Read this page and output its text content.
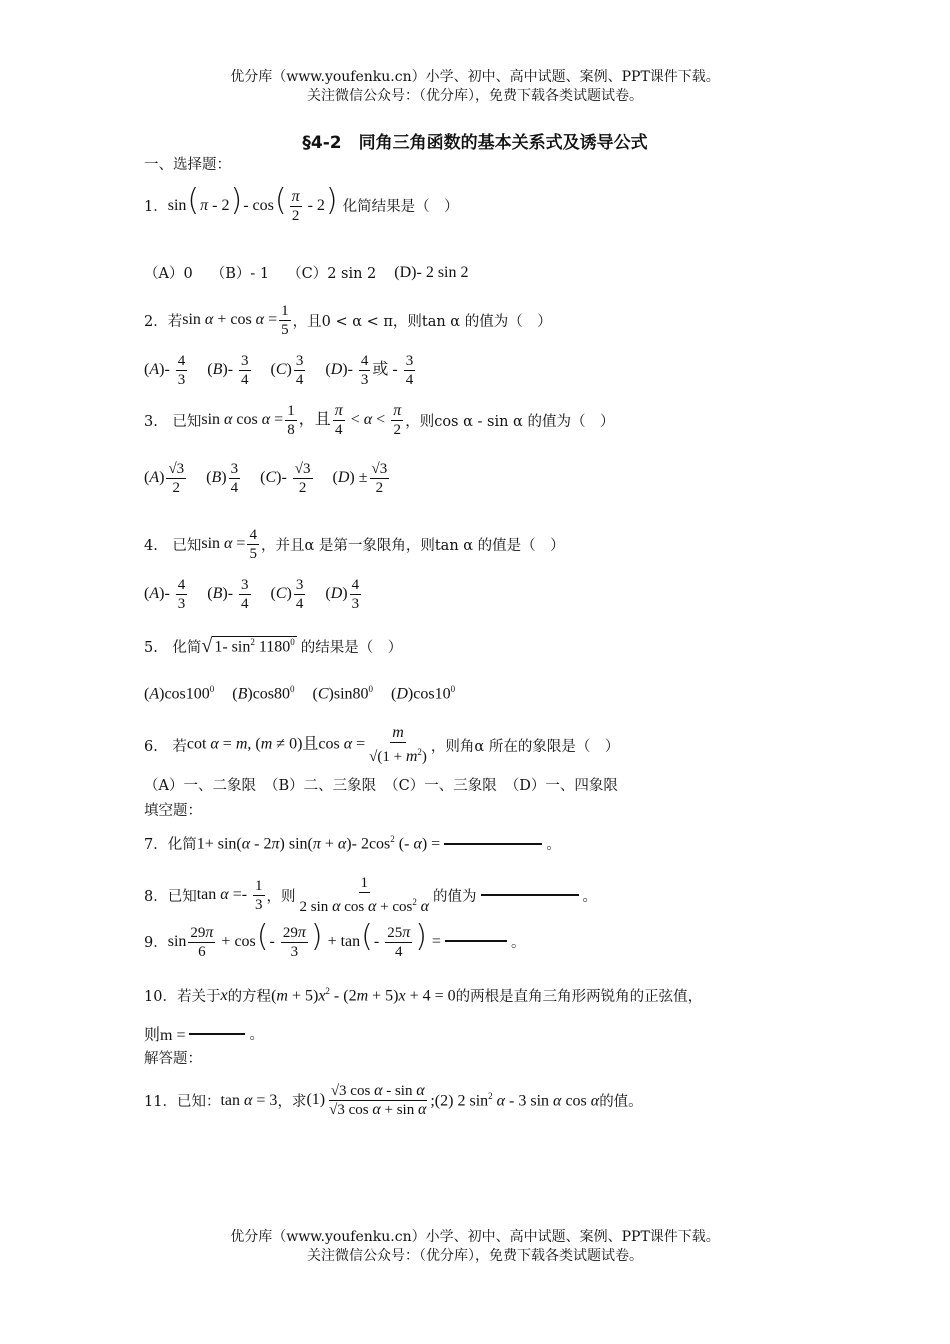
优分库（www.youfenku.cn）小学、初中、高中试题、案例、PPT课件下载。
关注微信公众号：（优分库），免费下载各类试题试卷。
§4-2　同角三角函数的基本关系式及诱导公式
一、选择题：
1． sin(π - 2)- $\cos( \frac{\pi}{2} - 2)$ 化简结果是（　）
（A）0 （B）- 1 （C）2 sin 2 (D)- 2 sin 2
2．若 $\sin \alpha + \cos \alpha = \frac{1}{5}$ ，且0 < α < π，则tan α 的值为（　）
$(A)- \frac{4}{3} (B)- \frac{3}{4} (C) \frac{3}{4} (D)- \frac{4}{3}$ 或 - $\frac{3}{4}$
3.　已知 sin α $\cos \alpha = \frac{1}{8}$ ，且 $\frac{\pi}{4} < \alpha < \frac{\pi}{2}$ ，则cos α - sin α 的值为（　）
$(A) \frac{√3}{2} (B) \frac{3}{4} (C)- \frac{√3}{2} (D) \pm \frac{√3}{2}$
4.　已知 $\sin \alpha = \frac{4}{5}$ ，并且α 是第一象限角，则tan α 的值是（　）
$(A)- \frac{4}{3} (B)- \frac{3}{4} (C) \frac{3}{4} (D) \frac{4}{3}$
5.　化简 √ 1- $\sin^2 1180^0$ 的结果是（　）
$(A)\cos 100^0$ $(B)\cos 80^0$ $(C)\sin 80^0$ $(D)\cos 10^0$
6.　若 cot α = m, (m ≠ 0)且$\cos \alpha = \frac{m}{√(1 + m^2)}$ ，则角α 所在的象限是（　）
（A）一、二象限 （B）二、三象限 （C）一、三象限 （D）一、四象限
填空题：
7．化简 1+ sin(α - 2π) sin(π + α)- $2\cos^2$ (- α) =	。
8．已知 $\tan \alpha =- \frac{1}{3}$ ，则 $\frac{1}{2 \sin \alpha \cos \alpha + \cos^2 \alpha}$ 的值为	。
9． $\sin \frac{29\pi}{6} + \cos(- \frac{29\pi}{3}$ ) + $\tan(- \frac{25\pi}{4}$ ) =	。
10．若关于 x 的方程 $(m + 5)x^2 - (2m + 5)x + 4 = 0$ 的两根是直角三角形两锐角的正弦值，
则m =	。
解答题：
11．已知： tan α = 3 ，求 $(1) \frac{\text{√3 cos α - sin α}}{\text{√3 cos α + sin α}}$ ;(2) 2 $\sin^2 \alpha - 3$ sin α cos α 的值。
优分库（www.youfenku.cn）小学、初中、高中试题、案例、PPT课件下载。
关注微信公众号：（优分库），免费下载各类试题试卷。
